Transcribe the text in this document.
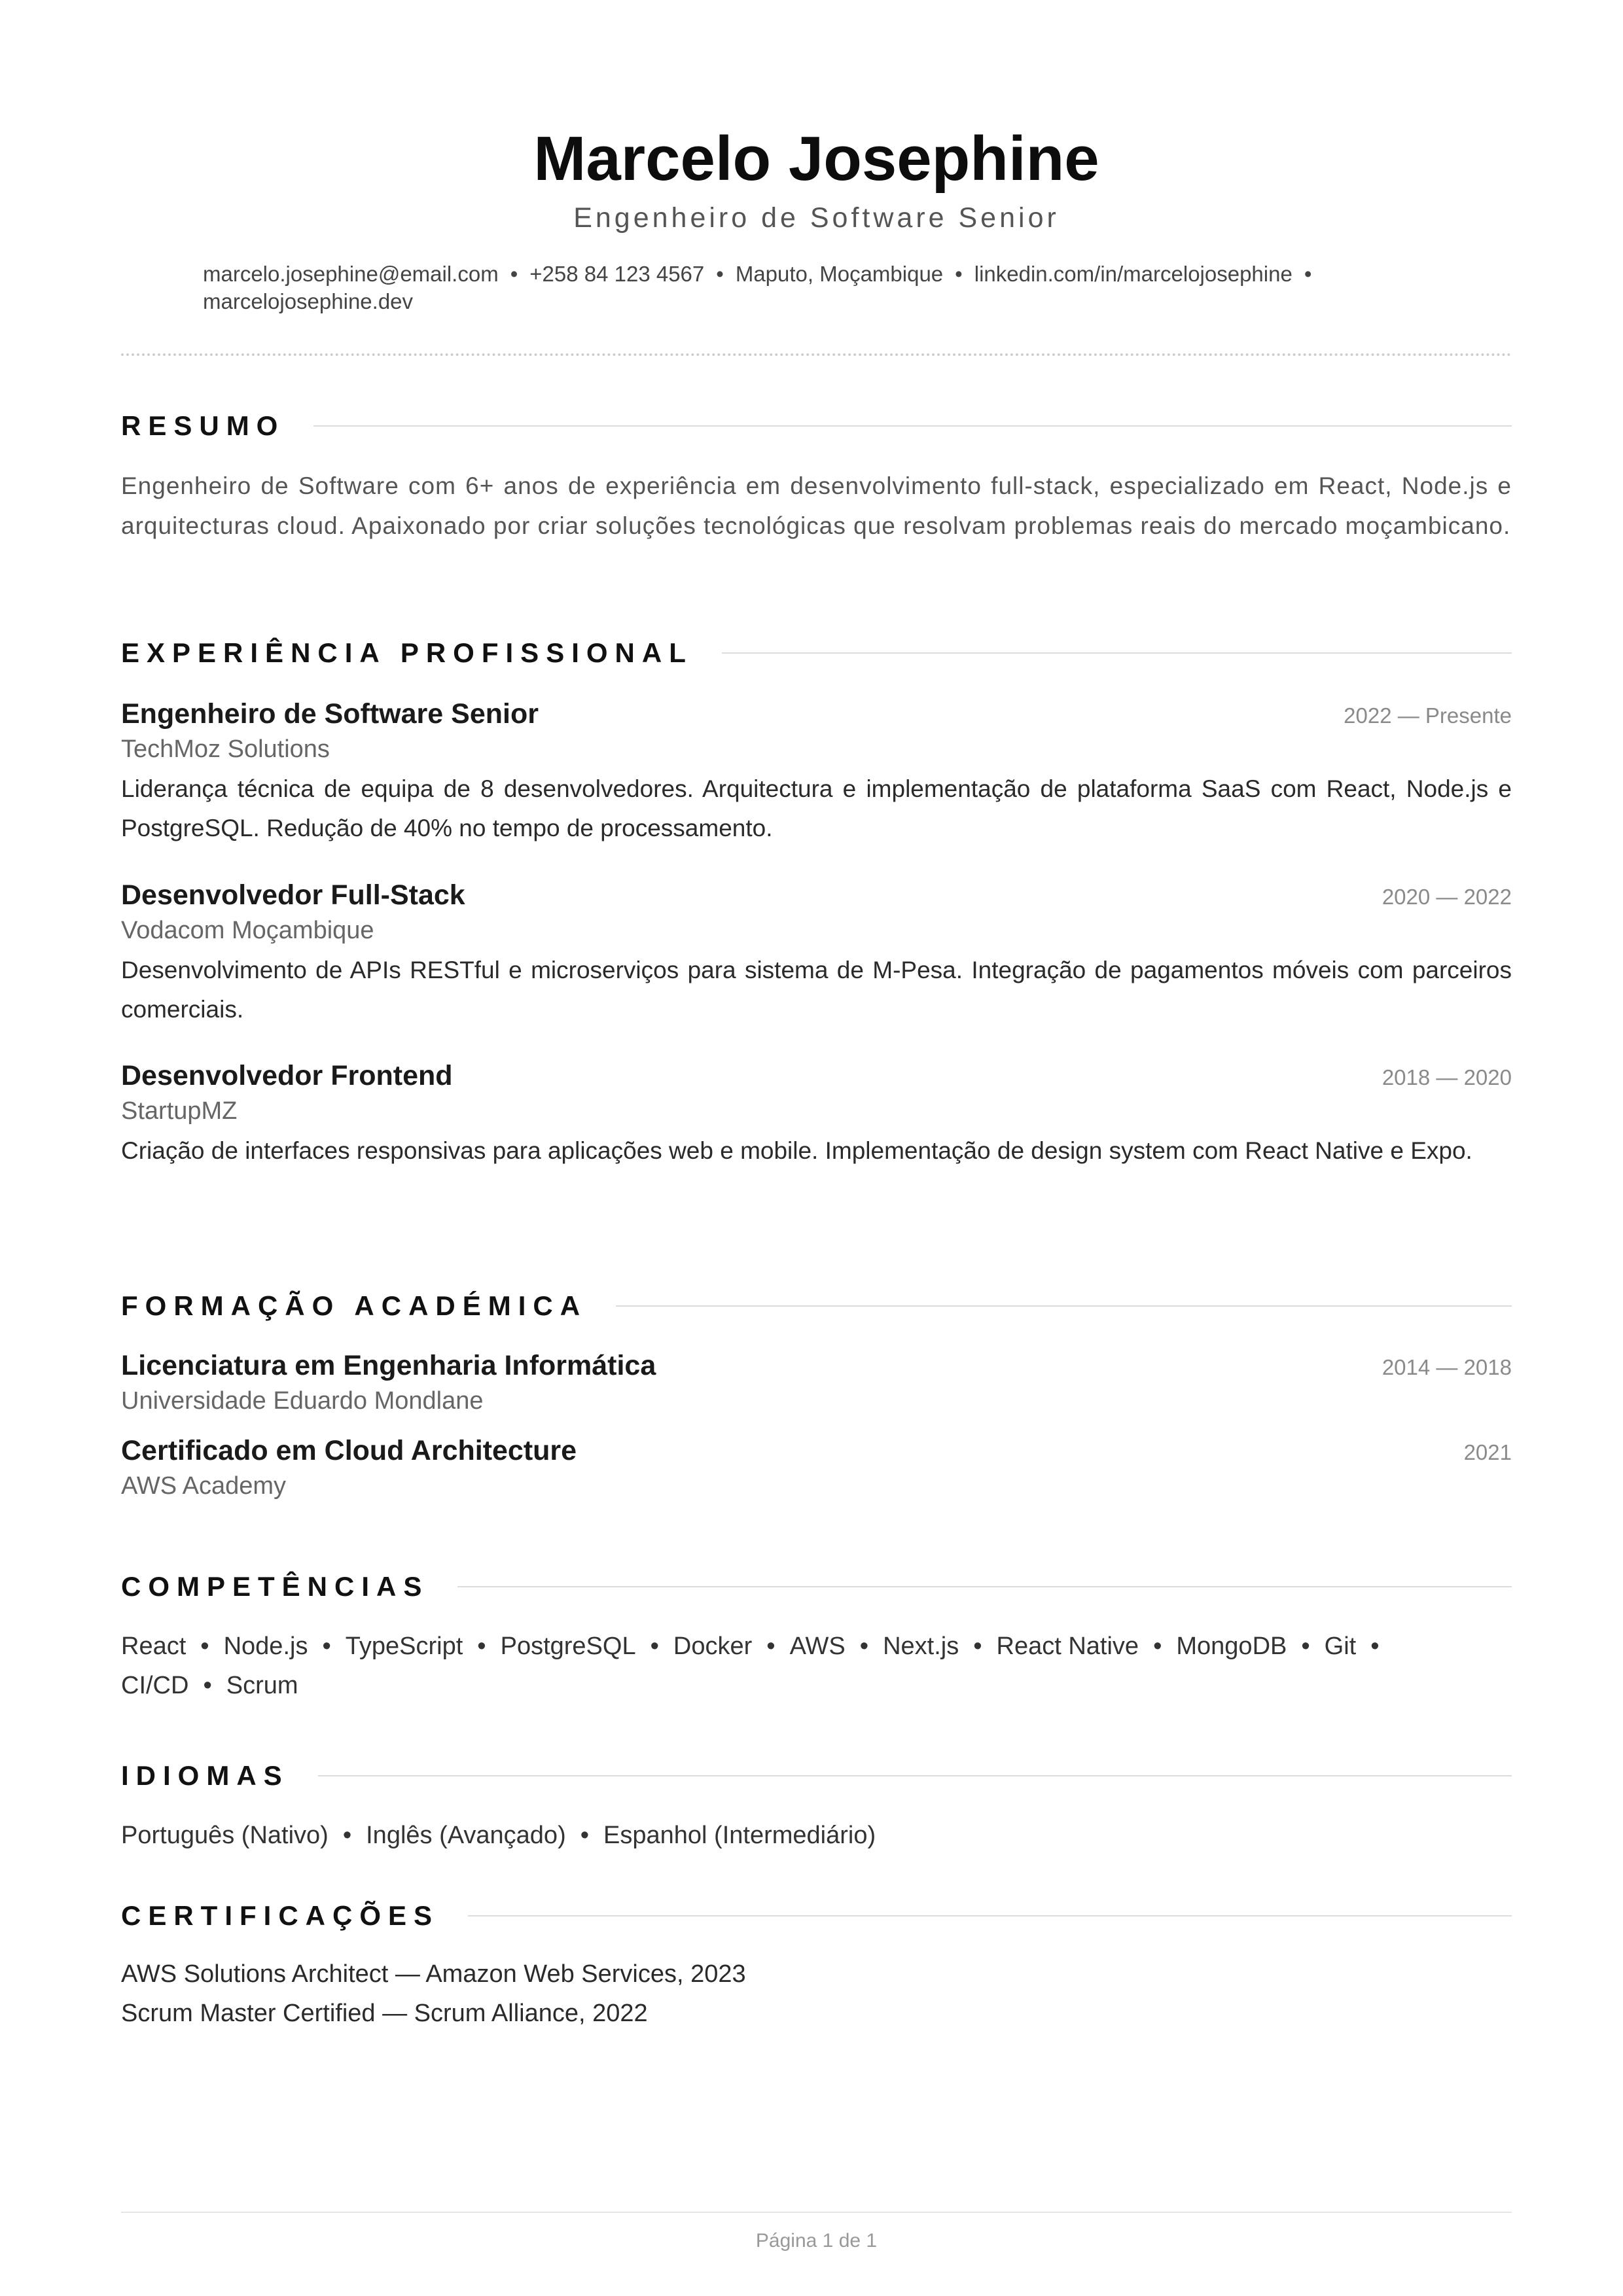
Marcelo Josephine
Engenheiro de Software Senior
marcelo.josephine@email.com • +258 84 123 4567 • Maputo, Moçambique • linkedin.com/in/marcelojosephine •
marcelojosephine.dev
RESUMO
Engenheiro de Software com 6+ anos de experiência em desenvolvimento full-stack, especializado em React, Node.js e arquitecturas cloud. Apaixonado por criar soluções tecnológicas que resolvam problemas reais do mercado moçambicano.
EXPERIÊNCIA PROFISSIONAL
Engenheiro de Software Senior	2022 — Presente
TechMoz Solutions
Liderança técnica de equipa de 8 desenvolvedores. Arquitectura e implementação de plataforma SaaS com React, Node.js e PostgreSQL. Redução de 40% no tempo de processamento.
Desenvolvedor Full-Stack	2020 — 2022
Vodacom Moçambique
Desenvolvimento de APIs RESTful e microserviços para sistema de M-Pesa. Integração de pagamentos móveis com parceiros comerciais.
Desenvolvedor Frontend	2018 — 2020
StartupMZ
Criação de interfaces responsivas para aplicações web e mobile. Implementação de design system com React Native e Expo.
FORMAÇÃO ACADÉMICA
Licenciatura em Engenharia Informática	2014 — 2018
Universidade Eduardo Mondlane
Certificado em Cloud Architecture	2021
AWS Academy
COMPETÊNCIAS
React • Node.js • TypeScript • PostgreSQL • Docker • AWS • Next.js • React Native • MongoDB • Git •
CI/CD • Scrum
IDIOMAS
Português (Nativo) • Inglês (Avançado) • Espanhol (Intermediário)
CERTIFICAÇÕES
AWS Solutions Architect — Amazon Web Services, 2023
Scrum Master Certified — Scrum Alliance, 2022
Página 1 de 1
